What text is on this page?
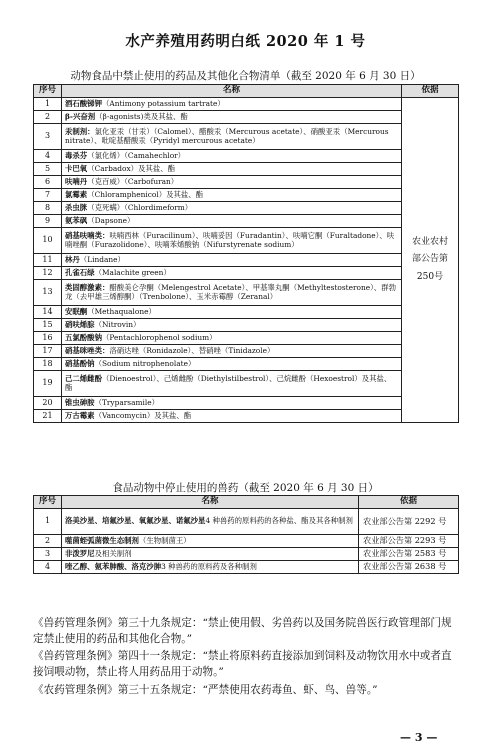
水产养殖用药明白纸 2020 年 1 号
动物食品中禁止使用的药品及其他化合物清单（截至 2020 年 6 月 30 日）
序号	名称	依据
1	酒石酸锑钾（Antimony potassium tartrate）	农业农村部公告第250号
2	β-兴奋剂（β-agonists)类及其盐、酯	
3	汞制剂：氯化亚汞（甘汞）（Calomel）、醋酸汞（Mercurous acetate）、硝酸亚汞（Mercurous nitrate）、吡啶基醋酸汞（Pyridyl mercurous acetate）	
4	毒杀芬（氯化烯）（Camahechlor）	
5	卡巴氧（Carbadox）及其盐、酯	
6	呋喃丹（克百威）（Carbofuran）	
7	氯霉素（Chloramphenicol）及其盐、酯	
8	杀虫脒（克死螨）（Chlordimeform）	
9	氨苯砜（Dapsone）	
10	硝基呋喃类：呋喃西林（Furacilinum）、呋喃妥因（Furadantin）、呋喃它酮（Furaltadone）、呋喃唑酮（Furazolidone）、呋喃苯烯酸钠（Nifurstyrenate sodium）	
11	林丹（Lindane）	
12	孔雀石绿（Malachite green）	
13	类固醇激素：醋酸美仑孕酮（Melengestrol Acetate）、甲基睾丸酮（Methyltestosterone）、群勃龙（去甲雄三烯醇酮）（Trenbolone）、玉米赤霉醇（Zeranal）	
14	安眠酮（Methaqualone）	
15	硝呋烯腙（Nitrovin）	
16	五氯酚酸钠（Pentachlorophenol sodium）	
17	硝基咪唑类：洛硝达唑（Ronidazole）、替硝唑（Tinidazole）	
18	硝基酚钠（Sodium nitrophenolate）	
19	己二烯雌酚（Dienoestrol）、己烯雌酚（Diethylstilbestrol）、己烷雌酚（Hexoestrol）及其盐、酯	
20	锥虫砷胺（Tryparsamile）	
21	万古霉素（Vancomycin）及其盐、酯	
食品动物中停止使用的兽药（截至 2020 年 6 月 30 日）
序号	名称	依据
1	洛美沙星、培氟沙星、氧氟沙星、诺氟沙星4 种兽药的原料药的各种盐、酯及其各种制剂	农业部公告第 2292 号
2	噬菌蛭弧菌微生态制剂（生物制菌王）	农业部公告第 2293 号
3	非泼罗尼及相关制剂	农业部公告第 2583 号
4	喹乙醇、氨苯胂酸、洛克沙胂3 种兽药的原料药及各种制剂	农业部公告第 2638 号
《兽药管理条例》第三十九条规定：“禁止使用假、劣兽药以及国务院兽医行政管理部门规定禁止使用的药品和其他化合物。”
《兽药管理条例》第四十一条规定：“禁止将原料药直接添加到饲料及动物饮用水中或者直接饲喂动物，禁止将人用药品用于动物。”
《农药管理条例》第三十五条规定：“严禁使用农药毒鱼、虾、鸟、兽等。”
— 3 —
